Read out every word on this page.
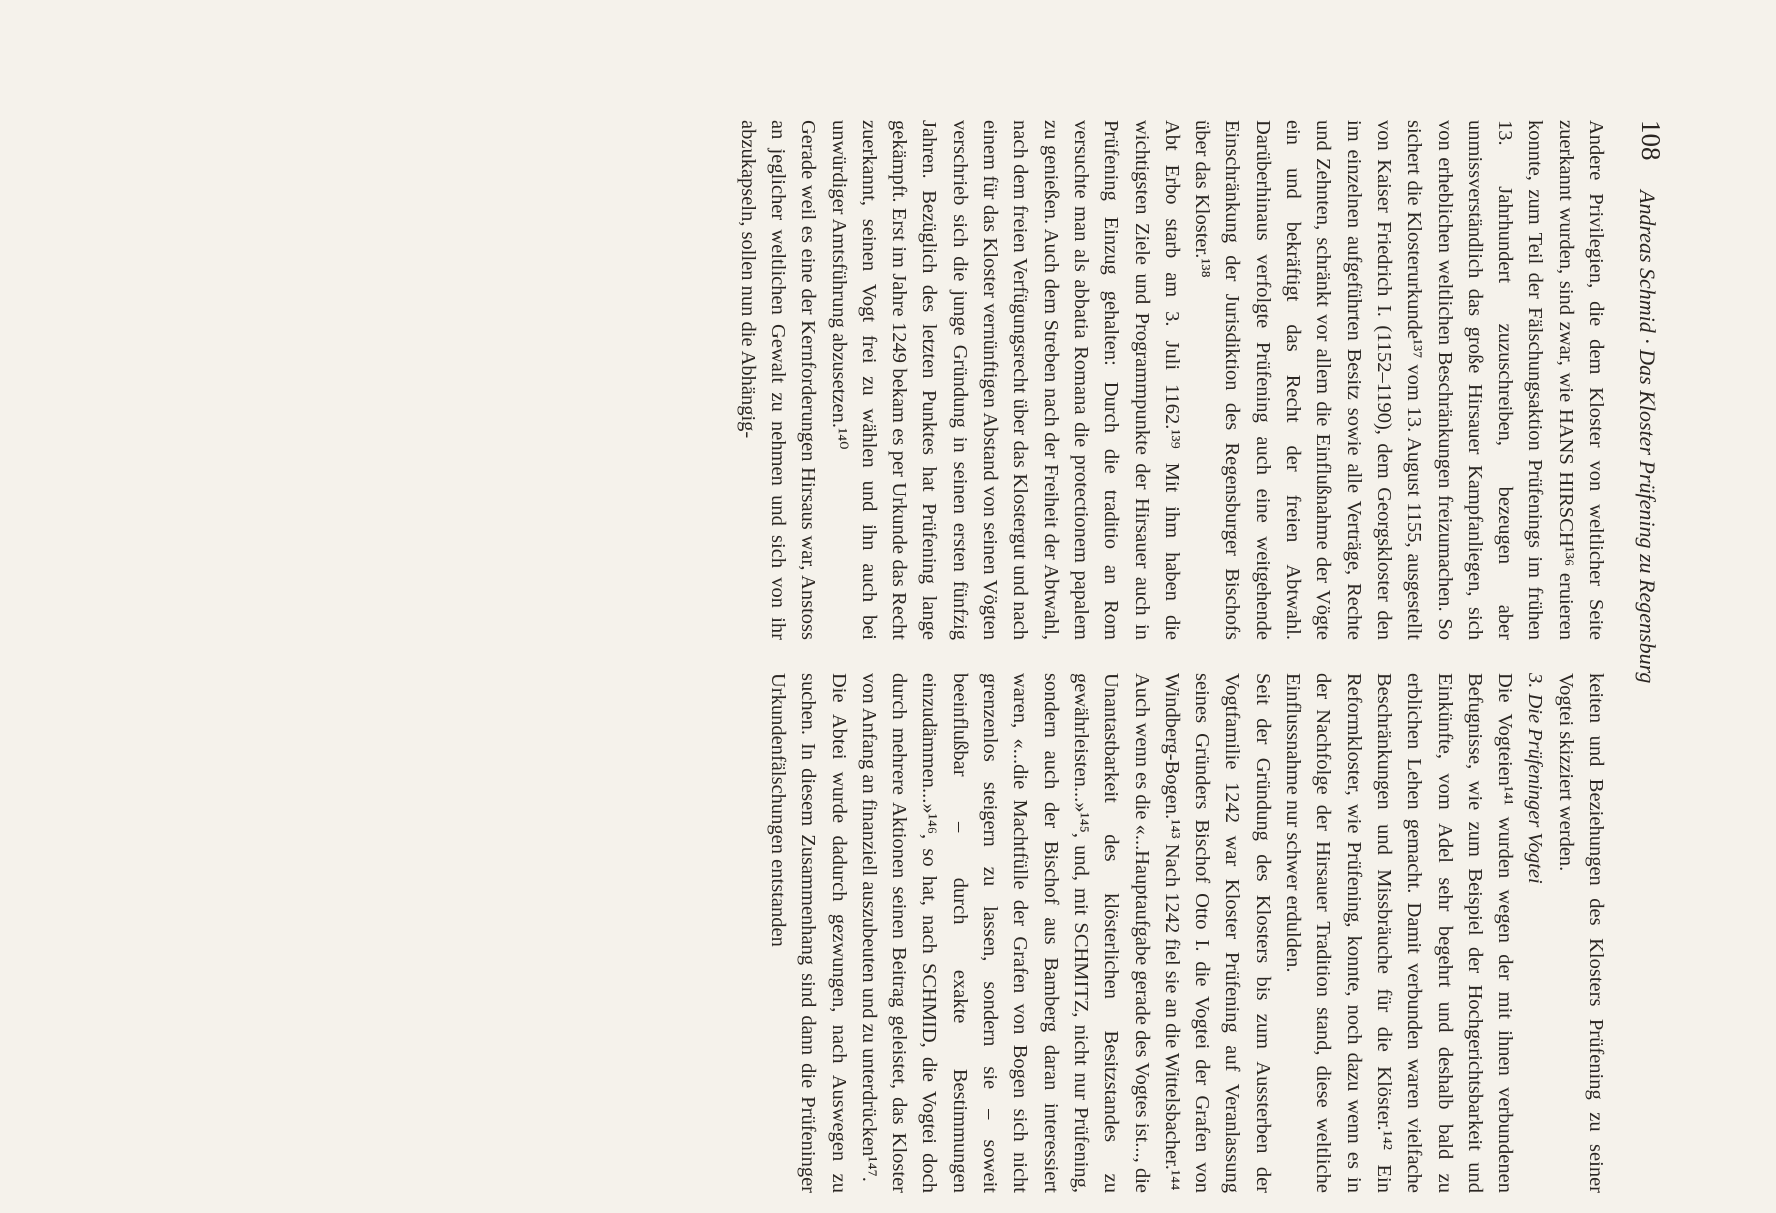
108
Andreas Schmid · Das Kloster Prüfening zu Regensburg

Andere Privilegien, die dem Kloster von weltlicher Seite zuerkannt wurden, sind zwar, wie HANS HIRSCH¹³⁶ eruieren konnte, zum Teil der Fälschungsaktion Prüfenings im frühen 13. Jahrhundert zuzuschreiben, bezeugen aber unmissverständlich das große Hirsauer Kampfanliegen, sich von erheblichen weltlichen Beschränkungen freizumachen. So sichert die Klosterurkunde¹³⁷ vom 13. August 1155, ausgestellt von Kaiser Friedrich I. (1152–1190), dem Georgskloster den im einzelnen aufgeführten Besitz sowie alle Verträge, Rechte und Zehnten, schränkt vor allem die Einflußnahme der Vögte ein und bekräftigt das Recht der freien Abtwahl. Darüberhinaus verfolgte Prüfening auch eine weitgehende Einschränkung der Jurisdiktion des Regensburger Bischofs über das Kloster.¹³⁸

Abt Erbo starb am 3. Juli 1162.¹³⁹ Mit ihm haben die wichtigsten Ziele und Programmpunkte der Hirsauer auch in Prüfening Einzug gehalten: Durch die traditio an Rom versuchte man als abbatia Romana die protectionem papalem zu genießen. Auch dem Streben nach der Freiheit der Abtwahl, nach dem freien Verfügungsrecht über das Klostergut und nach einem für das Kloster vernünftigen Abstand von seinen Vögten verschrieb sich die junge Gründung in seinen ersten fünfzig Jahren. Bezüglich des letzten Punktes hat Prüfening lange gekämpft. Erst im Jahre 1249 bekam es per Urkunde das Recht zuerkannt, seinen Vogt frei zu wählen und ihn auch bei unwürdiger Amtsführung abzusetzen.¹⁴⁰

Gerade weil es eine der Kernforderungen Hirsaus war, Anstoss an jeglicher weltlichen Gewalt zu nehmen und sich von ihr abzukapseln, sollen nun die Abhängig-

keiten und Beziehungen des Klosters Prüfening zu seiner Vogtei skizziert werden.

3. Die Prüfeninger Vogtei

Die Vogteien¹⁴¹ wurden wegen der mit ihnen verbundenen Befugnisse, wie zum Beispiel der Hochgerichtsbarkeit und Einkünfte, vom Adel sehr begehrt und deshalb bald zu erblichen Lehen gemacht. Damit verbunden waren vielfache Beschränkungen und Missbräuche für die Klöster.¹⁴² Ein Reformkloster, wie Prüfening, konnte, noch dazu wenn es in der Nachfolge der Hirsauer Tradition stand, diese weltliche Einflussnahme nur schwer erdulden.

Seit der Gründung des Klosters bis zum Aussterben der Vogtfamilie 1242 war Kloster Prüfening auf Veranlassung seines Gründers Bischof Otto I. die Vogtei der Grafen von Windberg-Bogen.¹⁴³ Nach 1242 fiel sie an die Wittelsbacher.¹⁴⁴

Auch wenn es die «...Hauptaufgabe gerade des Vogtes ist..., die Unantastbarkeit des klösterlichen Besitzstandes zu gewährleisten...»¹⁴⁵, und, mit SCHMITZ, nicht nur Prüfening, sondern auch der Bischof aus Bamberg daran interessiert waren, «...die Machtfülle der Grafen von Bogen sich nicht grenzenlos steigern zu lassen, sondern sie – soweit beeinflußbar – durch exakte Bestimmungen einzudämmen...»¹⁴⁶, so hat, nach SCHMID, die Vogtei doch durch mehrere Aktionen seinen Beitrag geleistet, das Kloster von Anfang an finanziell auszubeuten und zu unterdrücken¹⁴⁷.

Die Abtei wurde dadurch gezwungen, nach Auswegen zu suchen. In diesem Zusammenhang sind dann die Prüfeninger Urkundenfälschungen entstanden
